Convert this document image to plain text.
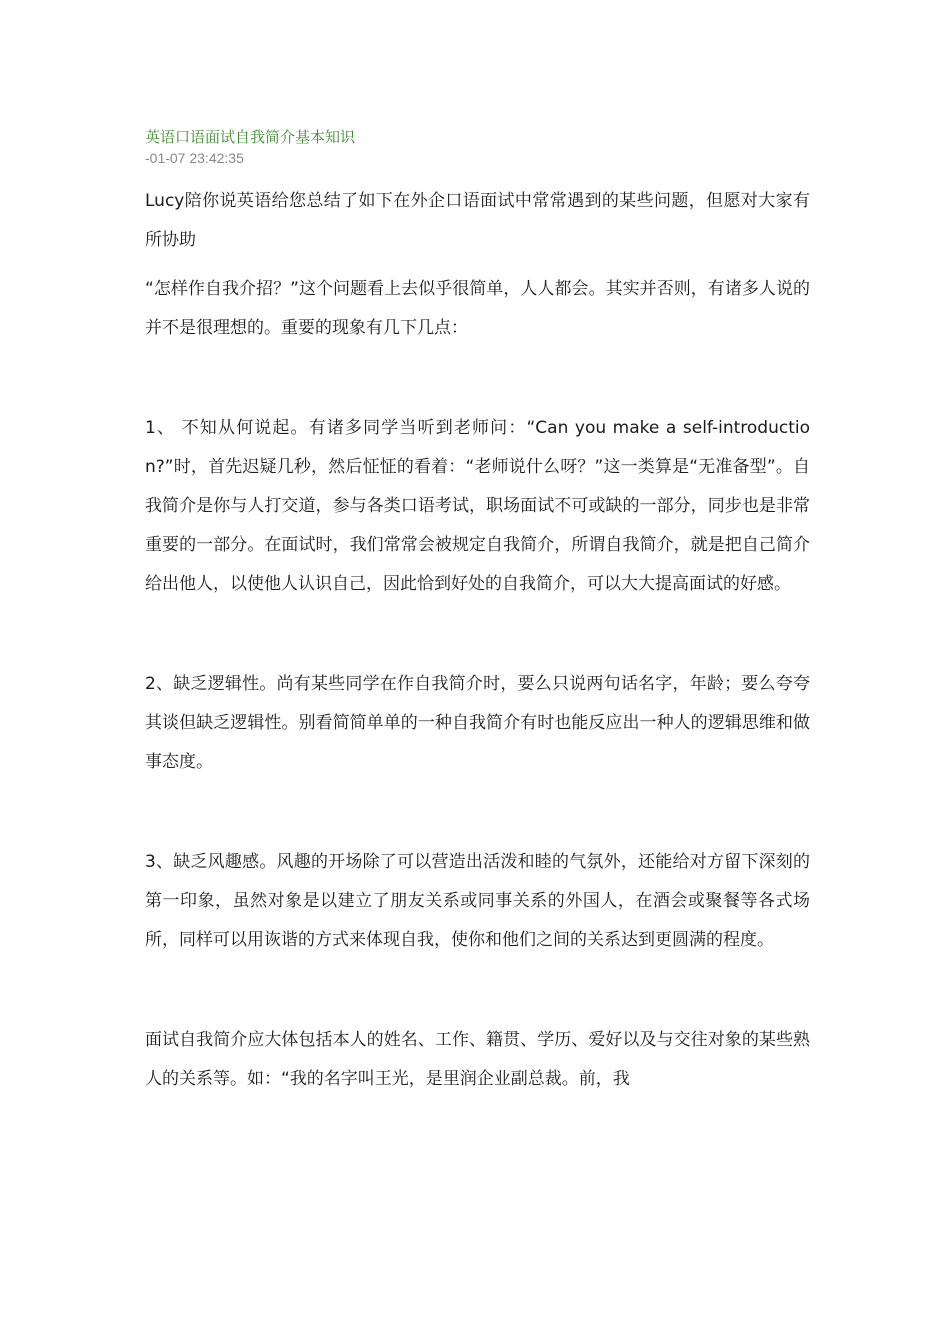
英语口语面试自我简介基本知识

-01-07 23:42:35

Lucy陪你说英语给您总结了如下在外企口语面试中常常遇到的某些问题，但愿对大家有所协助

“怎样作自我介招？”这个问题看上去似乎很简单，人人都会。其实并否则，有诸多人说的并不是很理想的。重要的现象有几下几点：

1、 不知从何说起。有诸多同学当听到老师问：“Can you make a self-introduction?”时，首先迟疑几秒，然后怔怔的看着：“老师说什么呀？”这一类算是“无准备型”。自我简介是你与人打交道，参与各类口语考试，职场面试不可或缺的一部分，同步也是非常重要的一部分。在面试时，我们常常会被规定自我简介，所谓自我简介，就是把自己简介给出他人，以使他人认识自己，因此恰到好处的自我简介，可以大大提高面试的好感。

2、缺乏逻辑性。尚有某些同学在作自我简介时，要么只说两句话名字，年龄；要么夸夸其谈但缺乏逻辑性。别看简简单单的一种自我简介有时也能反应出一种人的逻辑思维和做事态度。

3、缺乏风趣感。风趣的开场除了可以营造出活泼和睦的气氛外，还能给对方留下深刻的第一印象，虽然对象是以建立了朋友关系或同事关系的外国人，在酒会或聚餐等各式场所，同样可以用诙谐的方式来体现自我，使你和他们之间的关系达到更圆满的程度。

面试自我简介应大体包括本人的姓名、工作、籍贯、学历、爱好以及与交往对象的某些熟人的关系等。如：“我的名字叫王光，是里润企业副总裁。前，我
